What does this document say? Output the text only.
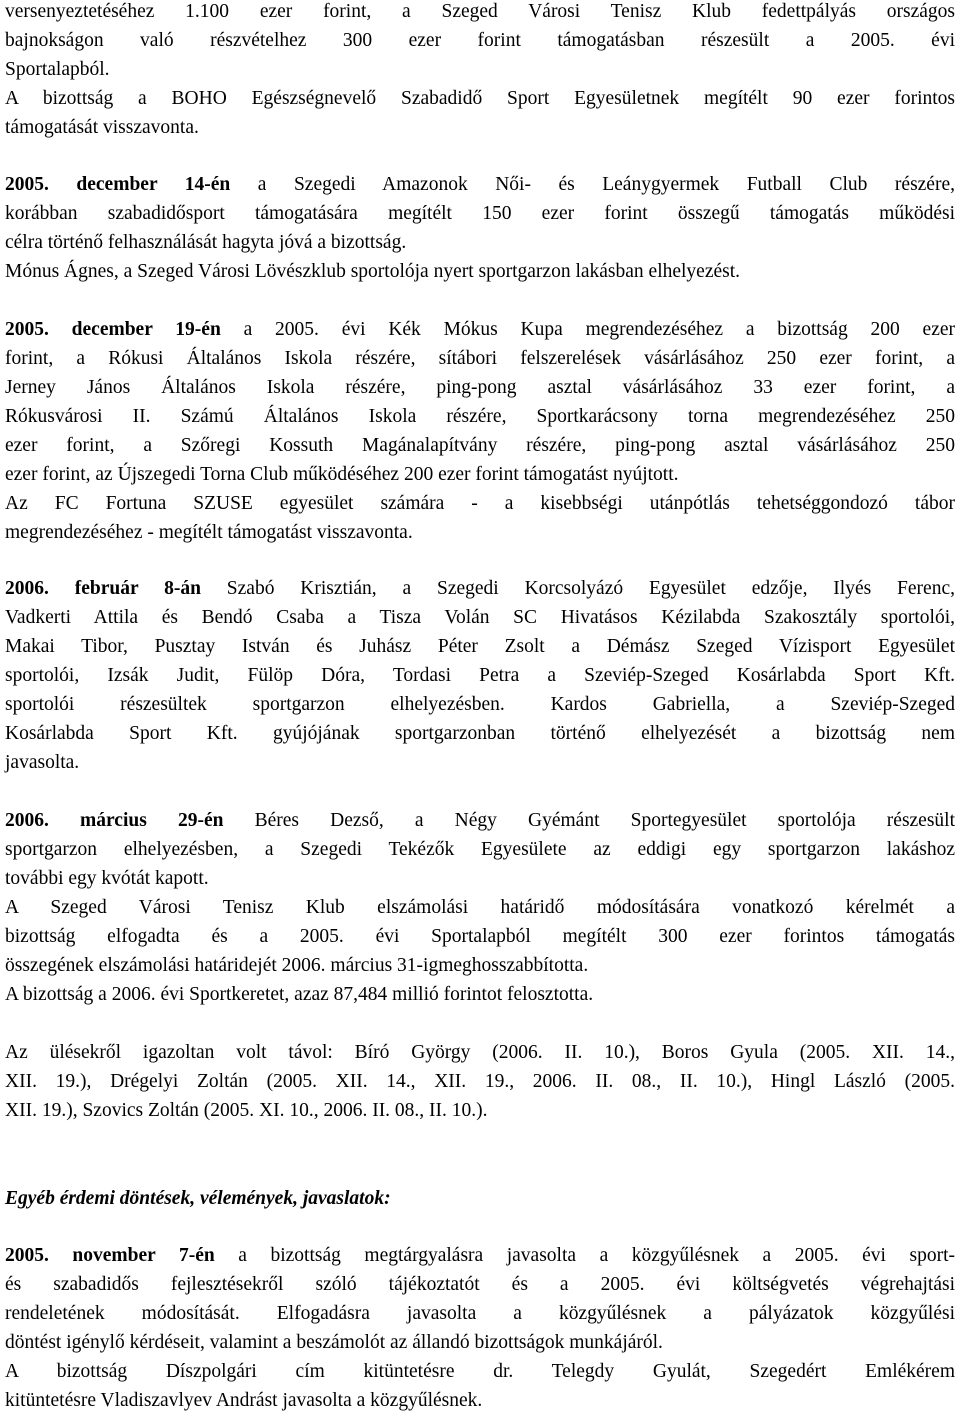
versenyeztetéséhez 1.100 ezer forint, a Szeged Városi Tenisz Klub fedettpályás országos
bajnokságon való részvételhez 300 ezer forint támogatásban részesült a 2005. évi
Sportalapból.
A bizottság a BOHO Egészségnevelő Szabadidő Sport Egyesületnek megítélt 90 ezer forintos
támogatását visszavonta.
2005. december 14-én a Szegedi Amazonok Női- és Leánygyermek Futball Club részére,
korábban szabadidősport támogatására megítélt 150 ezer forint összegű támogatás működési
célra történő felhasználását hagyta jóvá a bizottság.
Mónus Ágnes, a Szeged Városi Lövészklub sportolója nyert sportgarzon lakásban elhelyezést.
2005. december 19-én a 2005. évi Kék Mókus Kupa megrendezéséhez a bizottság 200 ezer
forint, a Rókusi Általános Iskola részére, sítábori felszerelések vásárlásához 250 ezer forint, a
Jerney János Általános Iskola részére, ping-pong asztal vásárlásához 33 ezer forint, a
Rókusvárosi II. Számú Általános Iskola részére, Sportkarácsony torna megrendezéséhez 250
ezer forint, a Szőregi Kossuth Magánalapítvány részére, ping-pong asztal vásárlásához 250
ezer forint, az Újszegedi Torna Club működéséhez 200 ezer forint támogatást nyújtott.
Az FC Fortuna SZUSE egyesület számára - a kisebbségi utánpótlás tehetséggondozó tábor
megrendezéséhez - megítélt támogatást visszavonta.
2006. február 8-án Szabó Krisztián, a Szegedi Korcsolyázó Egyesület edzője, Ilyés Ferenc,
Vadkerti Attila és Bendó Csaba a Tisza Volán SC Hivatásos Kézilabda Szakosztály sportolói,
Makai Tibor, Pusztay István és Juhász Péter Zsolt a Démász Szeged Vízisport Egyesület
sportolói, Izsák Judit, Fülöp Dóra, Tordasi Petra a Szeviép-Szeged Kosárlabda Sport Kft.
sportolói részesültek sportgarzon elhelyezésben. Kardos Gabriella, a Szeviép-Szeged
Kosárlabda Sport Kft. gyújójának sportgarzonban történő elhelyezését a bizottság nem
javasolta.
2006. március 29-én Béres Dezső, a Négy Gyémánt Sportegyesület sportolója részesült
sportgarzon elhelyezésben, a Szegedi Tekézők Egyesülete az eddigi egy sportgarzon lakáshoz
további egy kvótát kapott.
A Szeged Városi Tenisz Klub elszámolási határidő módosítására vonatkozó kérelmét a
bizottság elfogadta és a 2005. évi Sportalapból megítélt 300 ezer forintos támogatás
összegének elszámolási határidejét 2006. március 31-igmeghosszabbította.
A bizottság a 2006. évi Sportkeretet, azaz 87,484 millió forintot felosztotta.
Az ülésekről igazoltan volt távol: Bíró György (2006. II. 10.), Boros Gyula (2005. XII. 14.,
XII. 19.), Drégelyi Zoltán (2005. XII. 14., XII. 19., 2006. II. 08., II. 10.), Hingl László (2005.
XII. 19.), Szovics Zoltán (2005. XI. 10., 2006. II. 08., II. 10.).
Egyéb érdemi döntések, vélemények, javaslatok:
2005. november 7-én a bizottság megtárgyalásra javasolta a közgyűlésnek a 2005. évi sport-
és szabadidős fejlesztésekről szóló tájékoztatót és a 2005. évi költségvetés végrehajtási
rendeletének módosítását. Elfogadásra javasolta a közgyűlésnek a pályázatok közgyűlési
döntést igénylő kérdéseit, valamint a beszámolót az állandó bizottságok munkájáról.
A bizottság Díszpolgári cím kitüntetésre dr. Telegdy Gyulát, Szegedért Emlékérem
kitüntetésre Vladiszavlyev Andrást javasolta a közgyűlésnek.
